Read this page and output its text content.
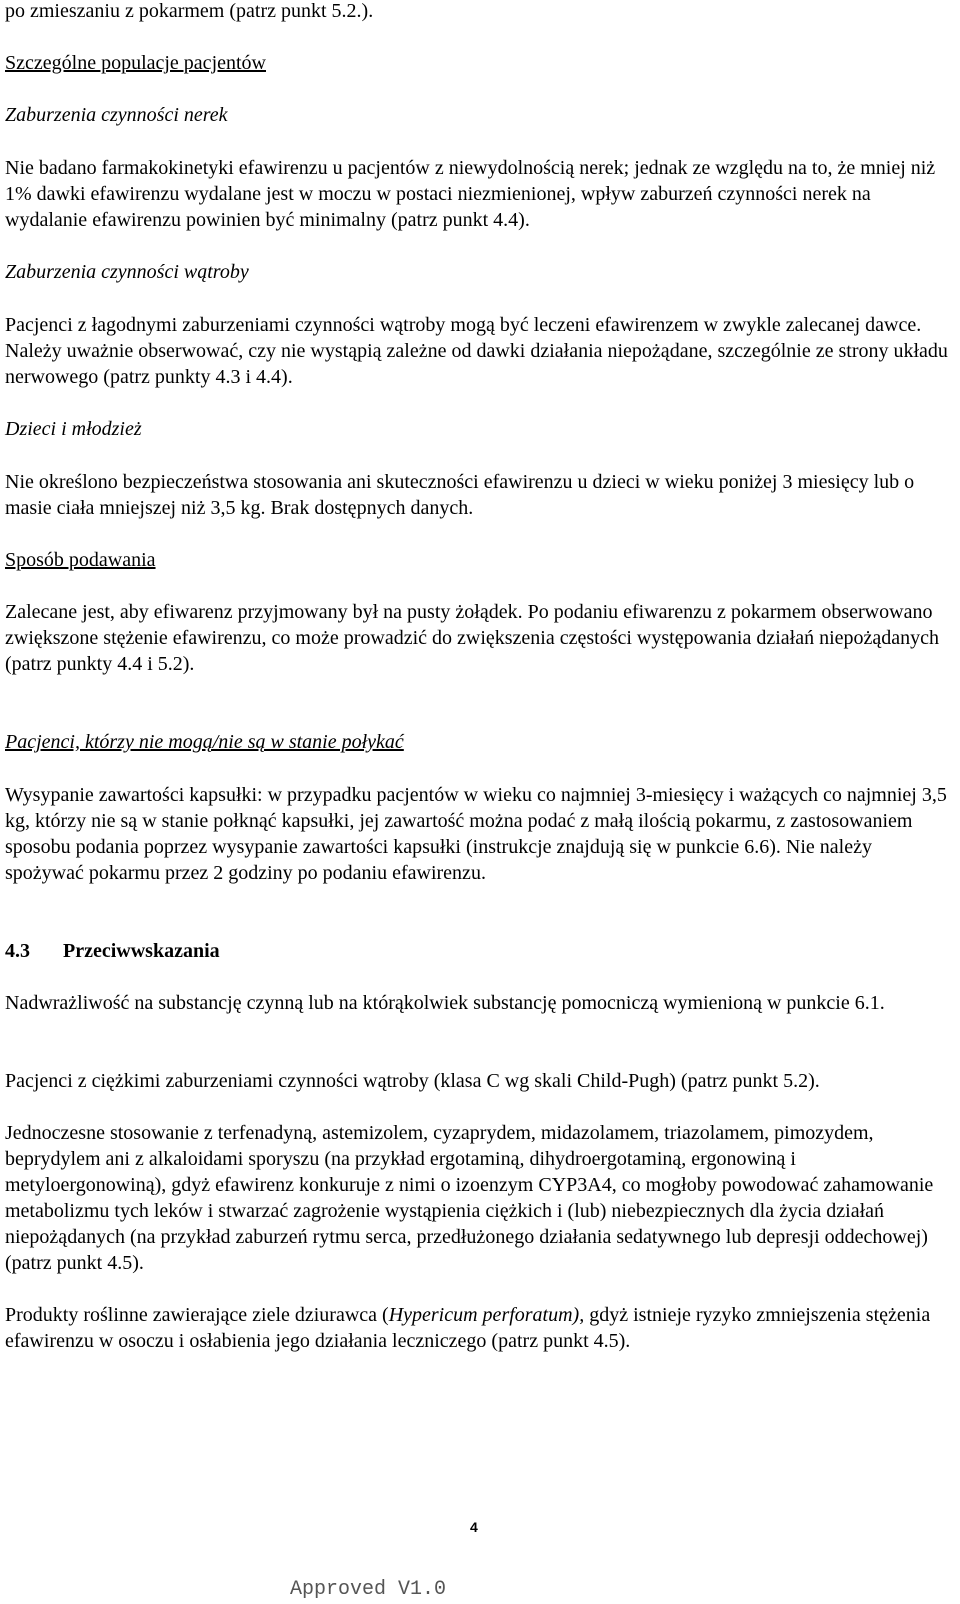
po zmieszaniu z pokarmem (patrz punkt 5.2.).

Szczególne populacje pacjentów

Zaburzenia czynności nerek

Nie badano farmakokinetyki efawirenzu u pacjentów z niewydolnością nerek; jednak ze względu na to, że mniej niż 1% dawki efawirenzu wydalane jest w moczu w postaci niezmienionej, wpływ zaburzeń czynności nerek na wydalanie efawirenzu powinien być minimalny (patrz punkt 4.4).

Zaburzenia czynności wątroby

Pacjenci z łagodnymi zaburzeniami czynności wątroby mogą być leczeni efawirenzem w zwykle zalecanej dawce. Należy uważnie obserwować, czy nie wystąpią zależne od dawki działania niepożądane, szczególnie ze strony układu nerwowego (patrz punkty 4.3 i 4.4).

Dzieci i młodzież

Nie określono bezpieczeństwa stosowania ani skuteczności efawirenzu u dzieci w wieku poniżej 3 miesięcy lub o masie ciała mniejszej niż 3,5 kg. Brak dostępnych danych.

Sposób podawania

Zalecane jest, aby efiwarenz przyjmowany był na pusty żołądek. Po podaniu efiwarenzu z pokarmem obserwowano zwiększone stężenie efawirenzu, co może prowadzić do zwiększenia częstości występowania działań niepożądanych (patrz punkty 4.4 i 5.2).

Pacjenci, którzy nie mogą/nie są w stanie połykać

Wysypanie zawartości kapsułki: w przypadku pacjentów w wieku co najmniej 3-miesięcy i ważących co najmniej 3,5 kg, którzy nie są w stanie połknąć kapsułki, jej zawartość można podać z małą ilością pokarmu, z zastosowaniem sposobu podania poprzez wysypanie zawartości kapsułki (instrukcje znajdują się w punkcie 6.6). Nie należy spożywać pokarmu przez 2 godziny po podaniu efawirenzu.

4.3 Przeciwwskazania

Nadwrażliwość na substancję czynną lub na którąkolwiek substancję pomocniczą wymienioną w punkcie 6.1.

Pacjenci z ciężkimi zaburzeniami czynności wątroby (klasa C wg skali Child-Pugh) (patrz punkt 5.2).

Jednoczesne stosowanie z terfenadyną, astemizolem, cyzaprydem, midazolamem, triazolamem, pimozydem, beprydylem ani z alkaloidami sporyszu (na przykład ergotaminą, dihydroergotaminą, ergonowiną i metyloergonowiną), gdyż efawirenz konkuruje z nimi o izoenzym CYP3A4, co mogłoby powodować zahamowanie metabolizmu tych leków i stwarzać zagrożenie wystąpienia ciężkich i (lub) niebezpiecznych dla życia działań niepożądanych (na przykład zaburzeń rytmu serca, przedłużonego działania sedatywnego lub depresji oddechowej) (patrz punkt 4.5).

Produkty roślinne zawierające ziele dziurawca (Hypericum perforatum), gdyż istnieje ryzyko zmniejszenia stężenia efawirenzu w osoczu i osłabienia jego działania leczniczego (patrz punkt 4.5).

4
Approved V1.0
